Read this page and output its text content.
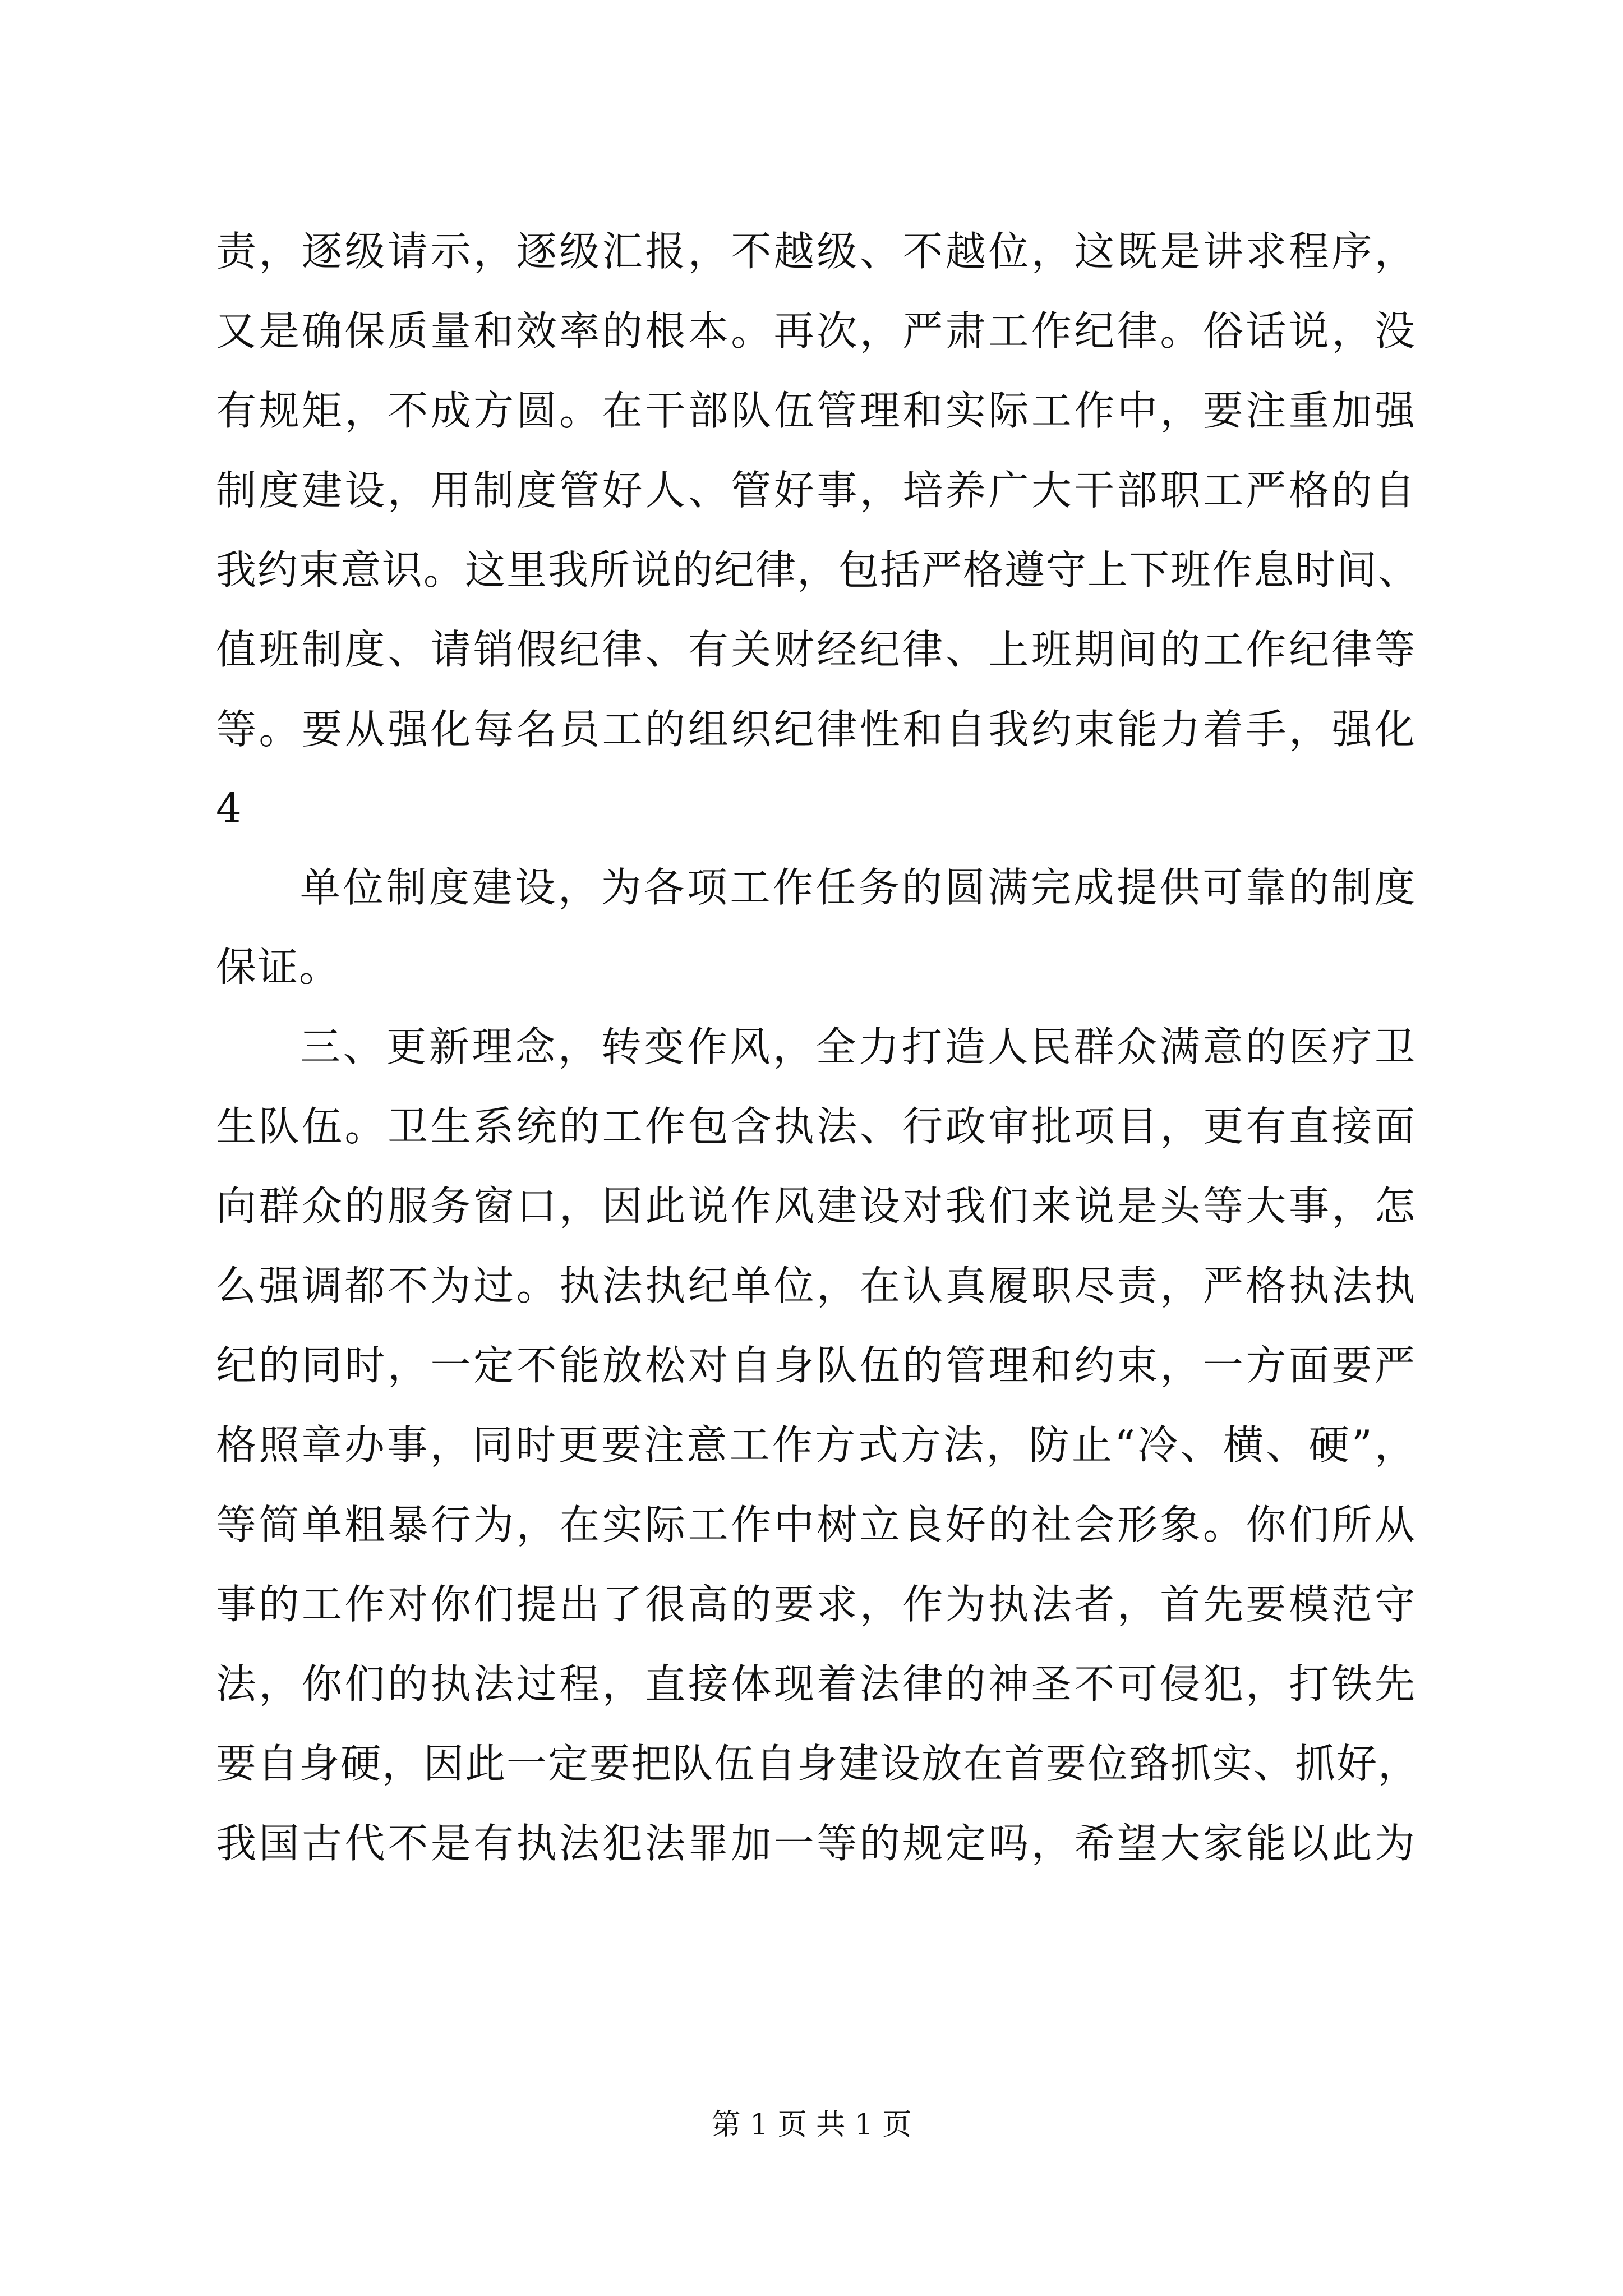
责，逐级请示，逐级汇报，不越级、不越位，这既是讲求程序，
又是确保质量和效率的根本。再次，严肃工作纪律。俗话说，没
有规矩，不成方圆。在干部队伍管理和实际工作中，要注重加强
制度建设，用制度管好人、管好事，培养广大干部职工严格的自
我约束意识。这里我所说的纪律，包括严格遵守上下班作息时间、
值班制度、请销假纪律、有关财经纪律、上班期间的工作纪律等
等。要从强化每名员工的组织纪律性和自我约束能力着手，强化
4
单位制度建设，为各项工作任务的圆满完成提供可靠的制度
保证。
三、更新理念，转变作风，全力打造人民群众满意的医疗卫
生队伍。卫生系统的工作包含执法、行政审批项目，更有直接面
向群众的服务窗口，因此说作风建设对我们来说是头等大事，怎
么强调都不为过。执法执纪单位，在认真履职尽责，严格执法执
纪的同时，一定不能放松对自身队伍的管理和约束，一方面要严
格照章办事，同时更要注意工作方式方法，防止“冷、横、硬”，
等简单粗暴行为，在实际工作中树立良好的社会形象。你们所从
事的工作对你们提出了很高的要求，作为执法者，首先要模范守
法，你们的执法过程，直接体现着法律的神圣不可侵犯，打铁先
要自身硬，因此一定要把队伍自身建设放在首要位臵抓实、抓好，
我国古代不是有执法犯法罪加一等的规定吗，希望大家能以此为
第 1 页 共 1 页
